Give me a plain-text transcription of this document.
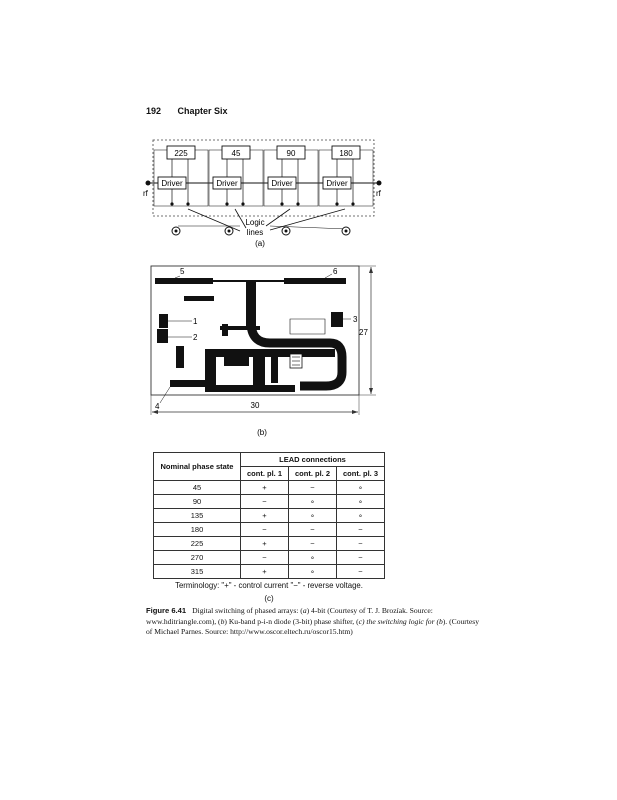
192 Chapter Six
225
Driver
45
Driver
90
Driver
180
Driver
rf	rf
Logic
lines
(a)
1
2
3
4
5	6
27
30
(b)
Nominal phase state	LEAD connections		
	cont. pl. 1	cont. pl. 2	cont. pl. 3
45	+	−	∘
90	−	∘	∘
135	+	∘	∘
180	−	−	−
225	+	−	−
270	−	∘	−
315	+	∘	−
Terminology: "+" - control current "−" - reverse voltage.
(c)
Figure 6.41 Digital switching of phased arrays: (a) 4-bit (Courtesy of T. J. Brozíak. Source: www.hditriangle.com), (b) Ku-band p-i-n diode (3-bit) phase shifter, (c) the switching logic for (b). (Courtesy of Michael Parnes. Source: http://www.oscor.eltech.ru/oscor15.htm)
